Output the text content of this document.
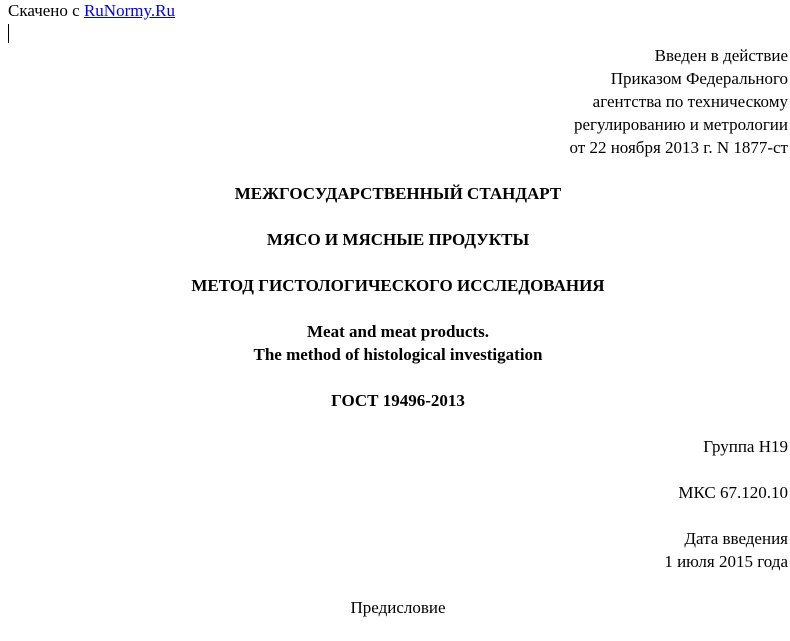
Скачено с RuNormy.Ru
Введен в действие
Приказом Федерального
агентства по техническому
регулированию и метрологии
от 22 ноября 2013 г. N 1877-ст
МЕЖГОСУДАРСТВЕННЫЙ СТАНДАРТ
МЯСО И МЯСНЫЕ ПРОДУКТЫ
МЕТОД ГИСТОЛОГИЧЕСКОГО ИССЛЕДОВАНИЯ
Meat and meat products.
The method of histological investigation
ГОСТ 19496-2013
Группа Н19
МКС 67.120.10
Дата введения
1 июля 2015 года
Предисловие
